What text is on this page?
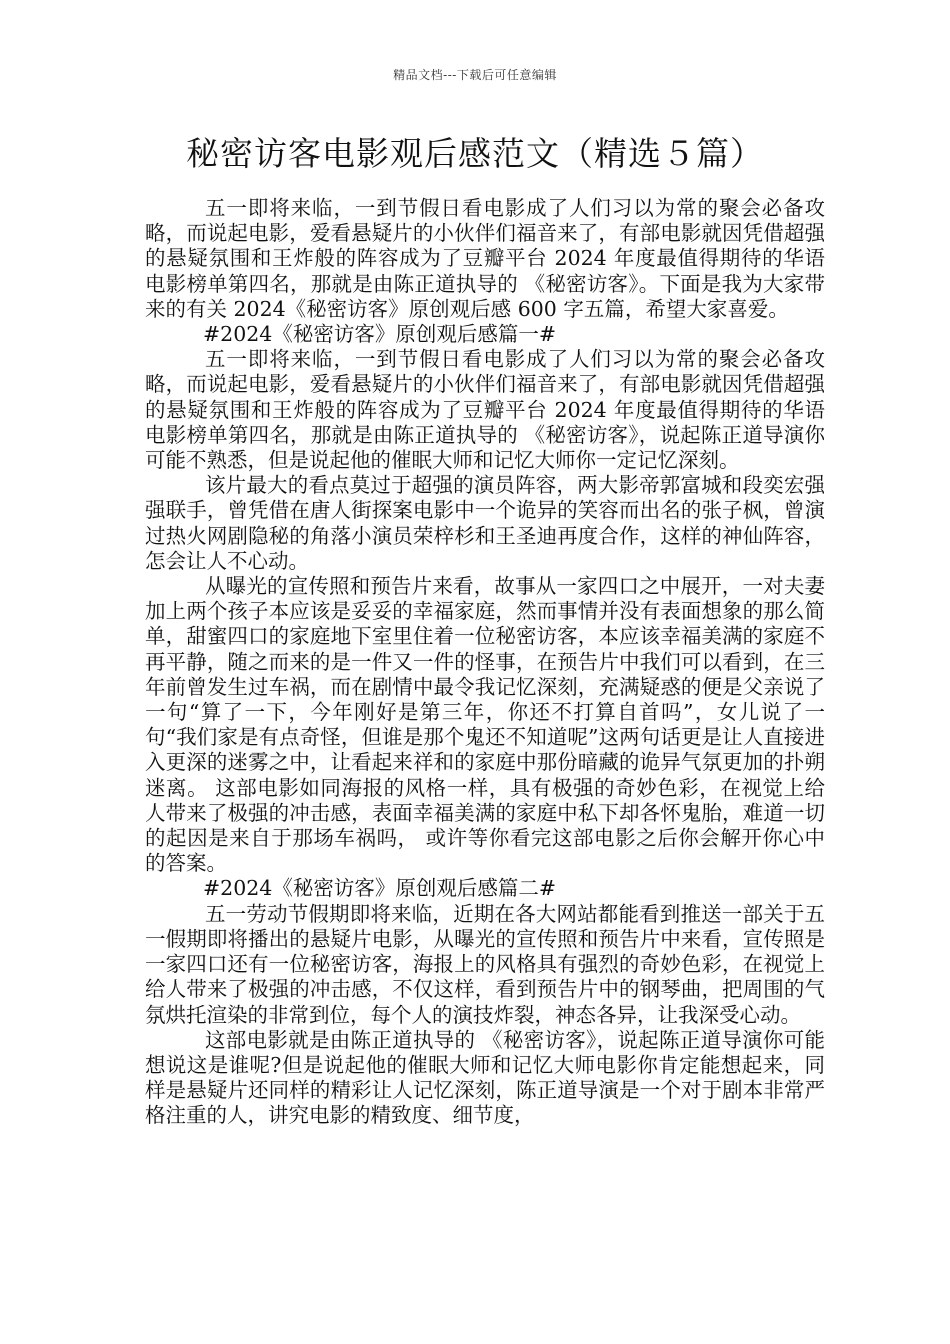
精品文档---下载后可任意编辑
秘密访客电影观后感范文（精选５篇）

五一即将来临，一到节假日看电影成了人们习以为常的聚会必备攻略，而说起电影，爱看悬疑片的小伙伴们福音来了，有部电影就因凭借超强的悬疑氛围和王炸般的阵容成为了豆瓣平台 2024 年度最值得期待的华语电影榜单第四名，那就是由陈正道执导的 《秘密访客》。下面是我为大家带来的有关 2024《秘密访客》原创观后感 600 字五篇，希望大家喜爱。

#2024《秘密访客》原创观后感篇一#

五一即将来临，一到节假日看电影成了人们习以为常的聚会必备攻略，而说起电影，爱看悬疑片的小伙伴们福音来了，有部电影就因凭借超强的悬疑氛围和王炸般的阵容成为了豆瓣平台 2024 年度最值得期待的华语电影榜单第四名，那就是由陈正道执导的 《秘密访客》，说起陈正道导演你可能不熟悉，但是说起他的催眠大师和记忆大师你一定记忆深刻。

该片最大的看点莫过于超强的演员阵容，两大影帝郭富城和段奕宏强强联手，曾凭借在唐人街探案电影中一个诡异的笑容而出名的张子枫，曾演过热火网剧隐秘的角落小演员荣梓杉和王圣迪再度合作，这样的神仙阵容，怎会让人不心动。

从曝光的宣传照和预告片来看，故事从一家四口之中展开，一对夫妻加上两个孩子本应该是妥妥的幸福家庭，然而事情并没有表面想象的那么简单，甜蜜四口的家庭地下室里住着一位秘密访客，本应该幸福美满的家庭不再平静，随之而来的是一件又一件的怪事，在预告片中我们可以看到，在三年前曾发生过车祸，而在剧情中最令我记忆深刻，充满疑惑的便是父亲说了一句“算了一下，今年刚好是第三年，你还不打算自首吗”，女儿说了一句“我们家是有点奇怪，但谁是那个鬼还不知道呢”这两句话更是让人直接进入更深的迷雾之中，让看起来祥和的家庭中那份暗藏的诡异气氛更加的扑朔迷离。 这部电影如同海报的风格一样，具有极强的奇妙色彩，在视觉上给人带来了极强的冲击感，表面幸福美满的家庭中私下却各怀鬼胎，难道一切的起因是来自于那场车祸吗， 或许等你看完这部电影之后你会解开你心中的答案。

#2024《秘密访客》原创观后感篇二#

五一劳动节假期即将来临，近期在各大网站都能看到推送一部关于五一假期即将播出的悬疑片电影，从曝光的宣传照和预告片中来看，宣传照是一家四口还有一位秘密访客，海报上的风格具有强烈的奇妙色彩，在视觉上给人带来了极强的冲击感，不仅这样，看到预告片中的钢琴曲，把周围的气氛烘托渲染的非常到位，每个人的演技炸裂，神态各异，让我深受心动。

这部电影就是由陈正道执导的 《秘密访客》，说起陈正道导演你可能想说这是谁呢?但是说起他的催眠大师和记忆大师电影你肯定能想起来，同样是悬疑片还同样的精彩让人记忆深刻，陈正道导演是一个对于剧本非常严格注重的人，讲究电影的精致度、细节度，
